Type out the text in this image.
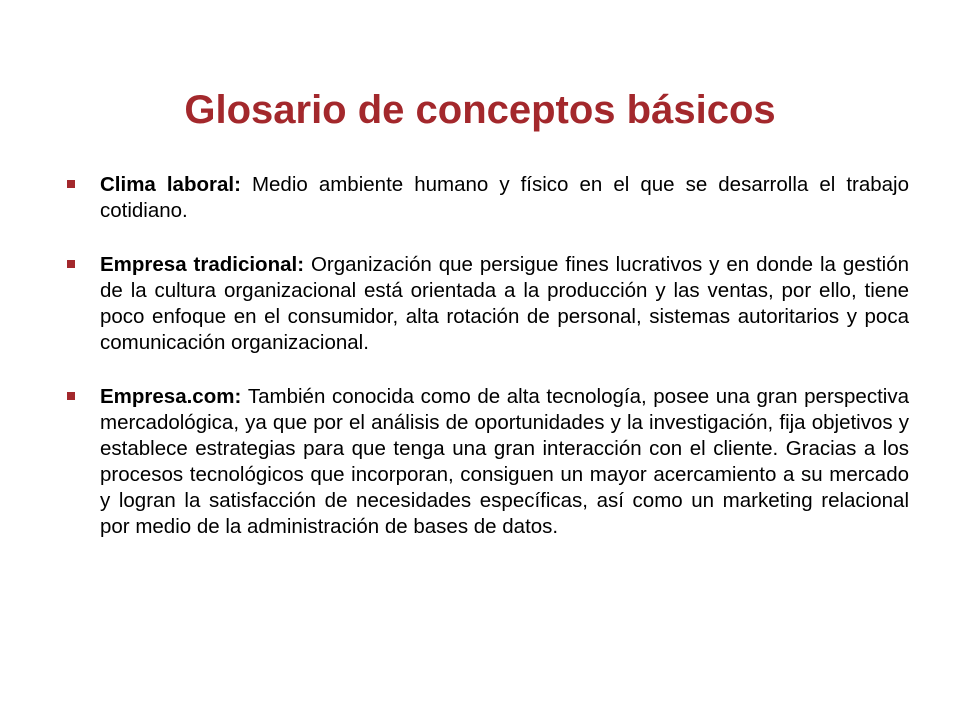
Glosario de conceptos básicos
Clima laboral: Medio ambiente humano y físico en el que se desarrolla el trabajo cotidiano.
Empresa tradicional: Organización que persigue fines lucrativos y en donde la gestión de la cultura organizacional está orientada a la producción y las ventas, por ello, tiene poco enfoque en el consumidor, alta rotación de personal, sistemas autoritarios y poca comunicación organizacional.
Empresa.com: También conocida como de alta tecnología, posee una gran perspectiva mercadológica, ya que por el análisis de oportunidades y la investigación, fija objetivos y establece estrategias para que tenga una gran interacción con el cliente. Gracias a los procesos tecnológicos que incorporan, consiguen un mayor acercamiento a su mercado y logran la satisfacción de necesidades específicas, así como un marketing relacional por medio de la administración de bases de datos.
